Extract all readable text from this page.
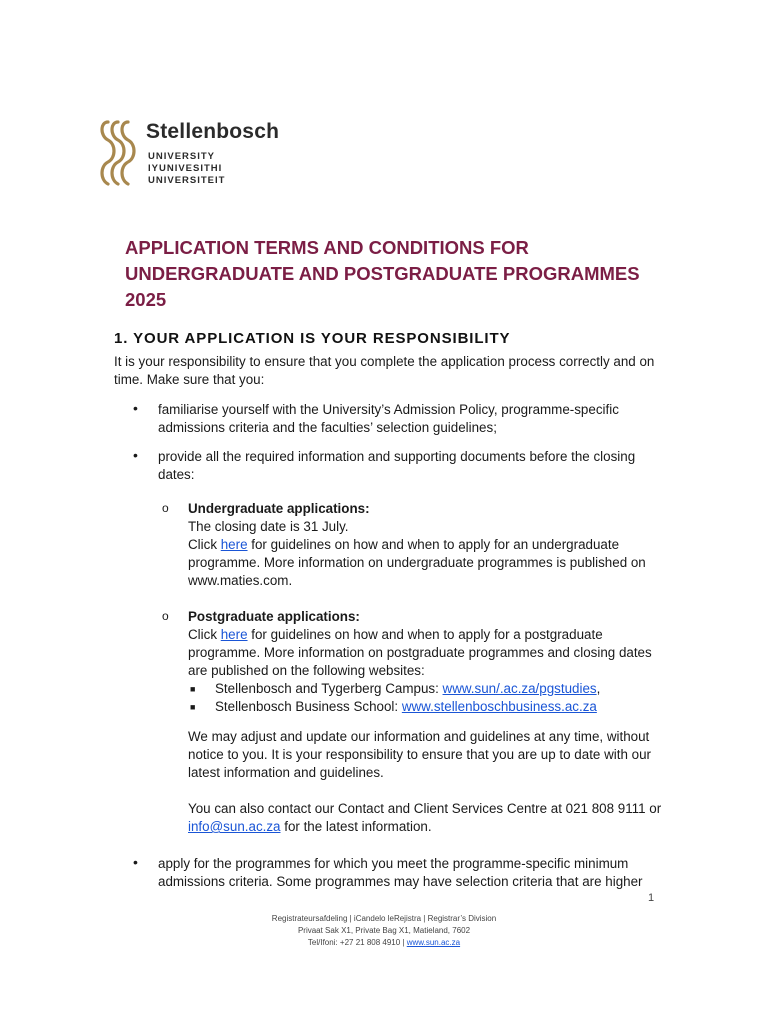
Stellenbosch
UNIVERSITY
IYUNIVESITHI
UNIVERSITEIT
APPLICATION TERMS AND CONDITIONS FOR
UNDERGRADUATE AND POSTGRADUATE PROGRAMMES
2025
1. YOUR APPLICATION IS YOUR RESPONSIBILITY
It is your responsibility to ensure that you complete the application process correctly and on
time. Make sure that you:
• familiarise yourself with the University’s Admission Policy, programme-specific
admissions criteria and the faculties’ selection guidelines;
• provide all the required information and supporting documents before the closing
dates:
o Undergraduate applications:
The closing date is 31 July.
Click here for guidelines on how and when to apply for an undergraduate
programme. More information on undergraduate programmes is published on
www.maties.com.
o Postgraduate applications:
Click here for guidelines on how and when to apply for a postgraduate
programme. More information on postgraduate programmes and closing dates
are published on the following websites:
■ Stellenbosch and Tygerberg Campus: www.sun/.ac.za/pgstudies,
■ Stellenbosch Business School: www.stellenboschbusiness.ac.za
We may adjust and update our information and guidelines at any time, without
notice to you. It is your responsibility to ensure that you are up to date with our
latest information and guidelines.
You can also contact our Contact and Client Services Centre at 021 808 9111 or
info@sun.ac.za for the latest information.
• apply for the programmes for which you meet the programme-specific minimum
admissions criteria. Some programmes may have selection criteria that are higher
1
Registrateursafdeling | iCandelo leRejistra | Registrar’s Division
Privaat Sak X1, Private Bag X1, Matieland, 7602
Tel/Ifoni: +27 21 808 4910 | www.sun.ac.za
